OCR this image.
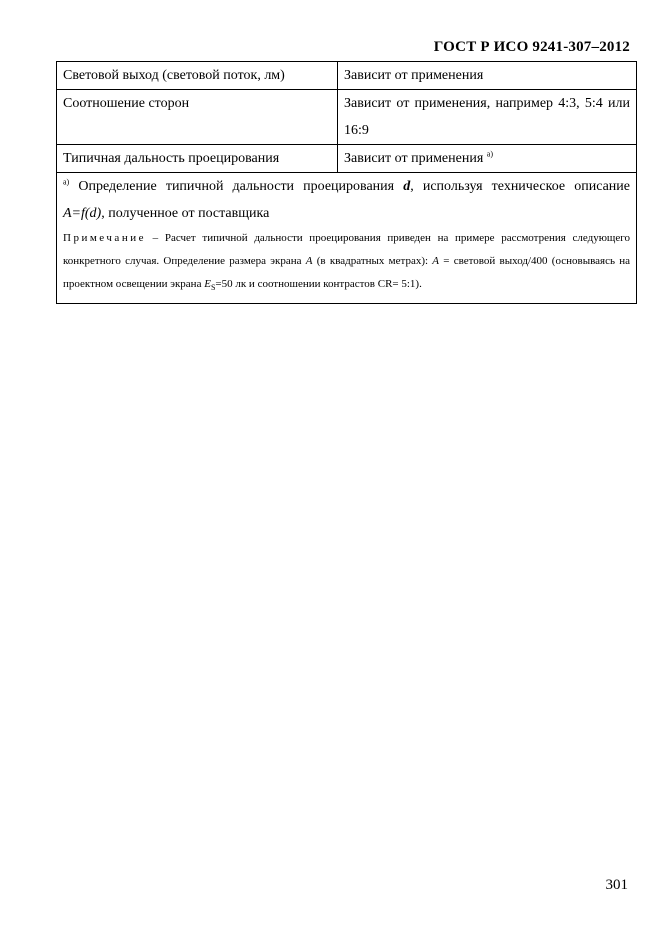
ГОСТ Р ИСО 9241-307–2012
Световой выход (световой поток, лм)	Зависит от применения
Соотношение сторон	Зависит от применения, например 4:3, 5:4 или 16:9
Типичная дальность проецирования	Зависит от применения $^{a)}$

$^{a)}$ Определение типичной дальности проецирования d, используя техническое описание A=f(d), полученное от поставщика

Примечание – Расчет типичной дальности проецирования приведен на примере рассмотрения следующего конкретного случая. Определение размера экрана A (в квадратных метрах): A = световой выход/400 (основываясь на проектном освещении экрана $E_S=50$ лк и соотношении контрастов CR= 5:1).	

301
